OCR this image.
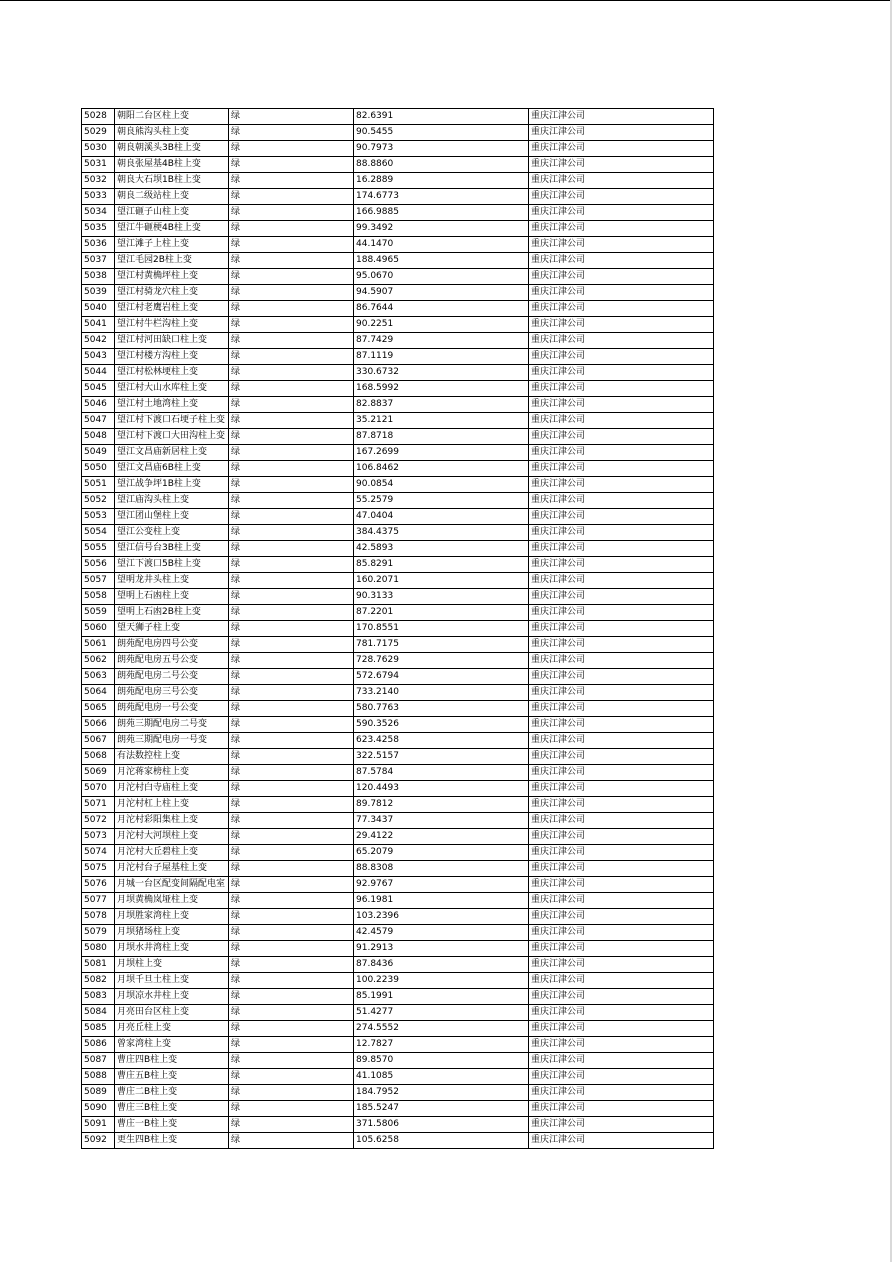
5028	朝阳二台区柱上变	绿	82.6391	重庆江津公司
5029	朝良熊沟头柱上变	绿	90.5455	重庆江津公司
5030	朝良朝溪头3B柱上变	绿	90.7973	重庆江津公司
5031	朝良张屋基4B柱上变	绿	88.8860	重庆江津公司
5032	朝良大石坝1B柱上变	绿	16.2889	重庆江津公司
5033	朝良二级站柱上变	绿	174.6773	重庆江津公司
5034	望江砸子山柱上变	绿	166.9885	重庆江津公司
5035	望江牛砸梗4B柱上变	绿	99.3492	重庆江津公司
5036	望江滩子上柱上变	绿	44.1470	重庆江津公司
5037	望江毛园2B柱上变	绿	188.4965	重庆江津公司
5038	望江村黄桷坪柱上变	绿	95.0670	重庆江津公司
5039	望江村骑龙穴柱上变	绿	94.5907	重庆江津公司
5040	望江村老鹰岩柱上变	绿	86.7644	重庆江津公司
5041	望江村牛栏沟柱上变	绿	90.2251	重庆江津公司
5042	望江村河田缺口柱上变	绿	87.7429	重庆江津公司
5043	望江村楼方沟柱上变	绿	87.1119	重庆江津公司
5044	望江村松林埂柱上变	绿	330.6732	重庆江津公司
5045	望江村大山水库柱上变	绿	168.5992	重庆江津公司
5046	望江村土地湾柱上变	绿	82.8837	重庆江津公司
5047	望江村下渡口石埂子柱上变	绿	35.2121	重庆江津公司
5048	望江村下渡口大田沟柱上变	绿	87.8718	重庆江津公司
5049	望江文昌庙新居柱上变	绿	167.2699	重庆江津公司
5050	望江文昌庙6B柱上变	绿	106.8462	重庆江津公司
5051	望江战争坪1B柱上变	绿	90.0854	重庆江津公司
5052	望江庙沟头柱上变	绿	55.2579	重庆江津公司
5053	望江团山堡柱上变	绿	47.0404	重庆江津公司
5054	望江公变柱上变	绿	384.4375	重庆江津公司
5055	望江信号台3B柱上变	绿	42.5893	重庆江津公司
5056	望江下渡口5B柱上变	绿	85.8291	重庆江津公司
5057	望明龙井头柱上变	绿	160.2071	重庆江津公司
5058	望明上石凼柱上变	绿	90.3133	重庆江津公司
5059	望明上石凼2B柱上变	绿	87.2201	重庆江津公司
5060	望天狮子柱上变	绿	170.8551	重庆江津公司
5061	朗苑配电房四号公变	绿	781.7175	重庆江津公司
5062	朗苑配电房五号公变	绿	728.7629	重庆江津公司
5063	朗苑配电房二号公变	绿	572.6794	重庆江津公司
5064	朗苑配电房三号公变	绿	733.2140	重庆江津公司
5065	朗苑配电房一号公变	绿	580.7763	重庆江津公司
5066	朗苑三期配电房二号变	绿	590.3526	重庆江津公司
5067	朗苑三期配电房一号变	绿	623.4258	重庆江津公司
5068	有法数控柱上变	绿	322.5157	重庆江津公司
5069	月沱蒋家榜柱上变	绿	87.5784	重庆江津公司
5070	月沱村白寺庙柱上变	绿	120.4493	重庆江津公司
5071	月沱村杠上柱上变	绿	89.7812	重庆江津公司
5072	月沱村彩阳集柱上变	绿	77.3437	重庆江津公司
5073	月沱村大河坝柱上变	绿	29.4122	重庆江津公司
5074	月沱村大丘碧柱上变	绿	65.2079	重庆江津公司
5075	月沱村台子屋基柱上变	绿	88.8308	重庆江津公司
5076	月城一台区配变间隔配电室	绿	92.9767	重庆江津公司
5077	月坝黄桷岚垭柱上变	绿	96.1981	重庆江津公司
5078	月坝胜家湾柱上变	绿	103.2396	重庆江津公司
5079	月坝猪场柱上变	绿	42.4579	重庆江津公司
5080	月坝水井湾柱上变	绿	91.2913	重庆江津公司
5081	月坝柱上变	绿	87.8436	重庆江津公司
5082	月坝千旦土柱上变	绿	100.2239	重庆江津公司
5083	月坝凉水井柱上变	绿	85.1991	重庆江津公司
5084	月亮田台区柱上变	绿	51.4277	重庆江津公司
5085	月亮丘柱上变	绿	274.5552	重庆江津公司
5086	曾家湾柱上变	绿	12.7827	重庆江津公司
5087	曹庄四B柱上变	绿	89.8570	重庆江津公司
5088	曹庄五B柱上变	绿	41.1085	重庆江津公司
5089	曹庄二B柱上变	绿	184.7952	重庆江津公司
5090	曹庄三B柱上变	绿	185.5247	重庆江津公司
5091	曹庄一B柱上变	绿	371.5806	重庆江津公司
5092	更生四B柱上变	绿	105.6258	重庆江津公司
